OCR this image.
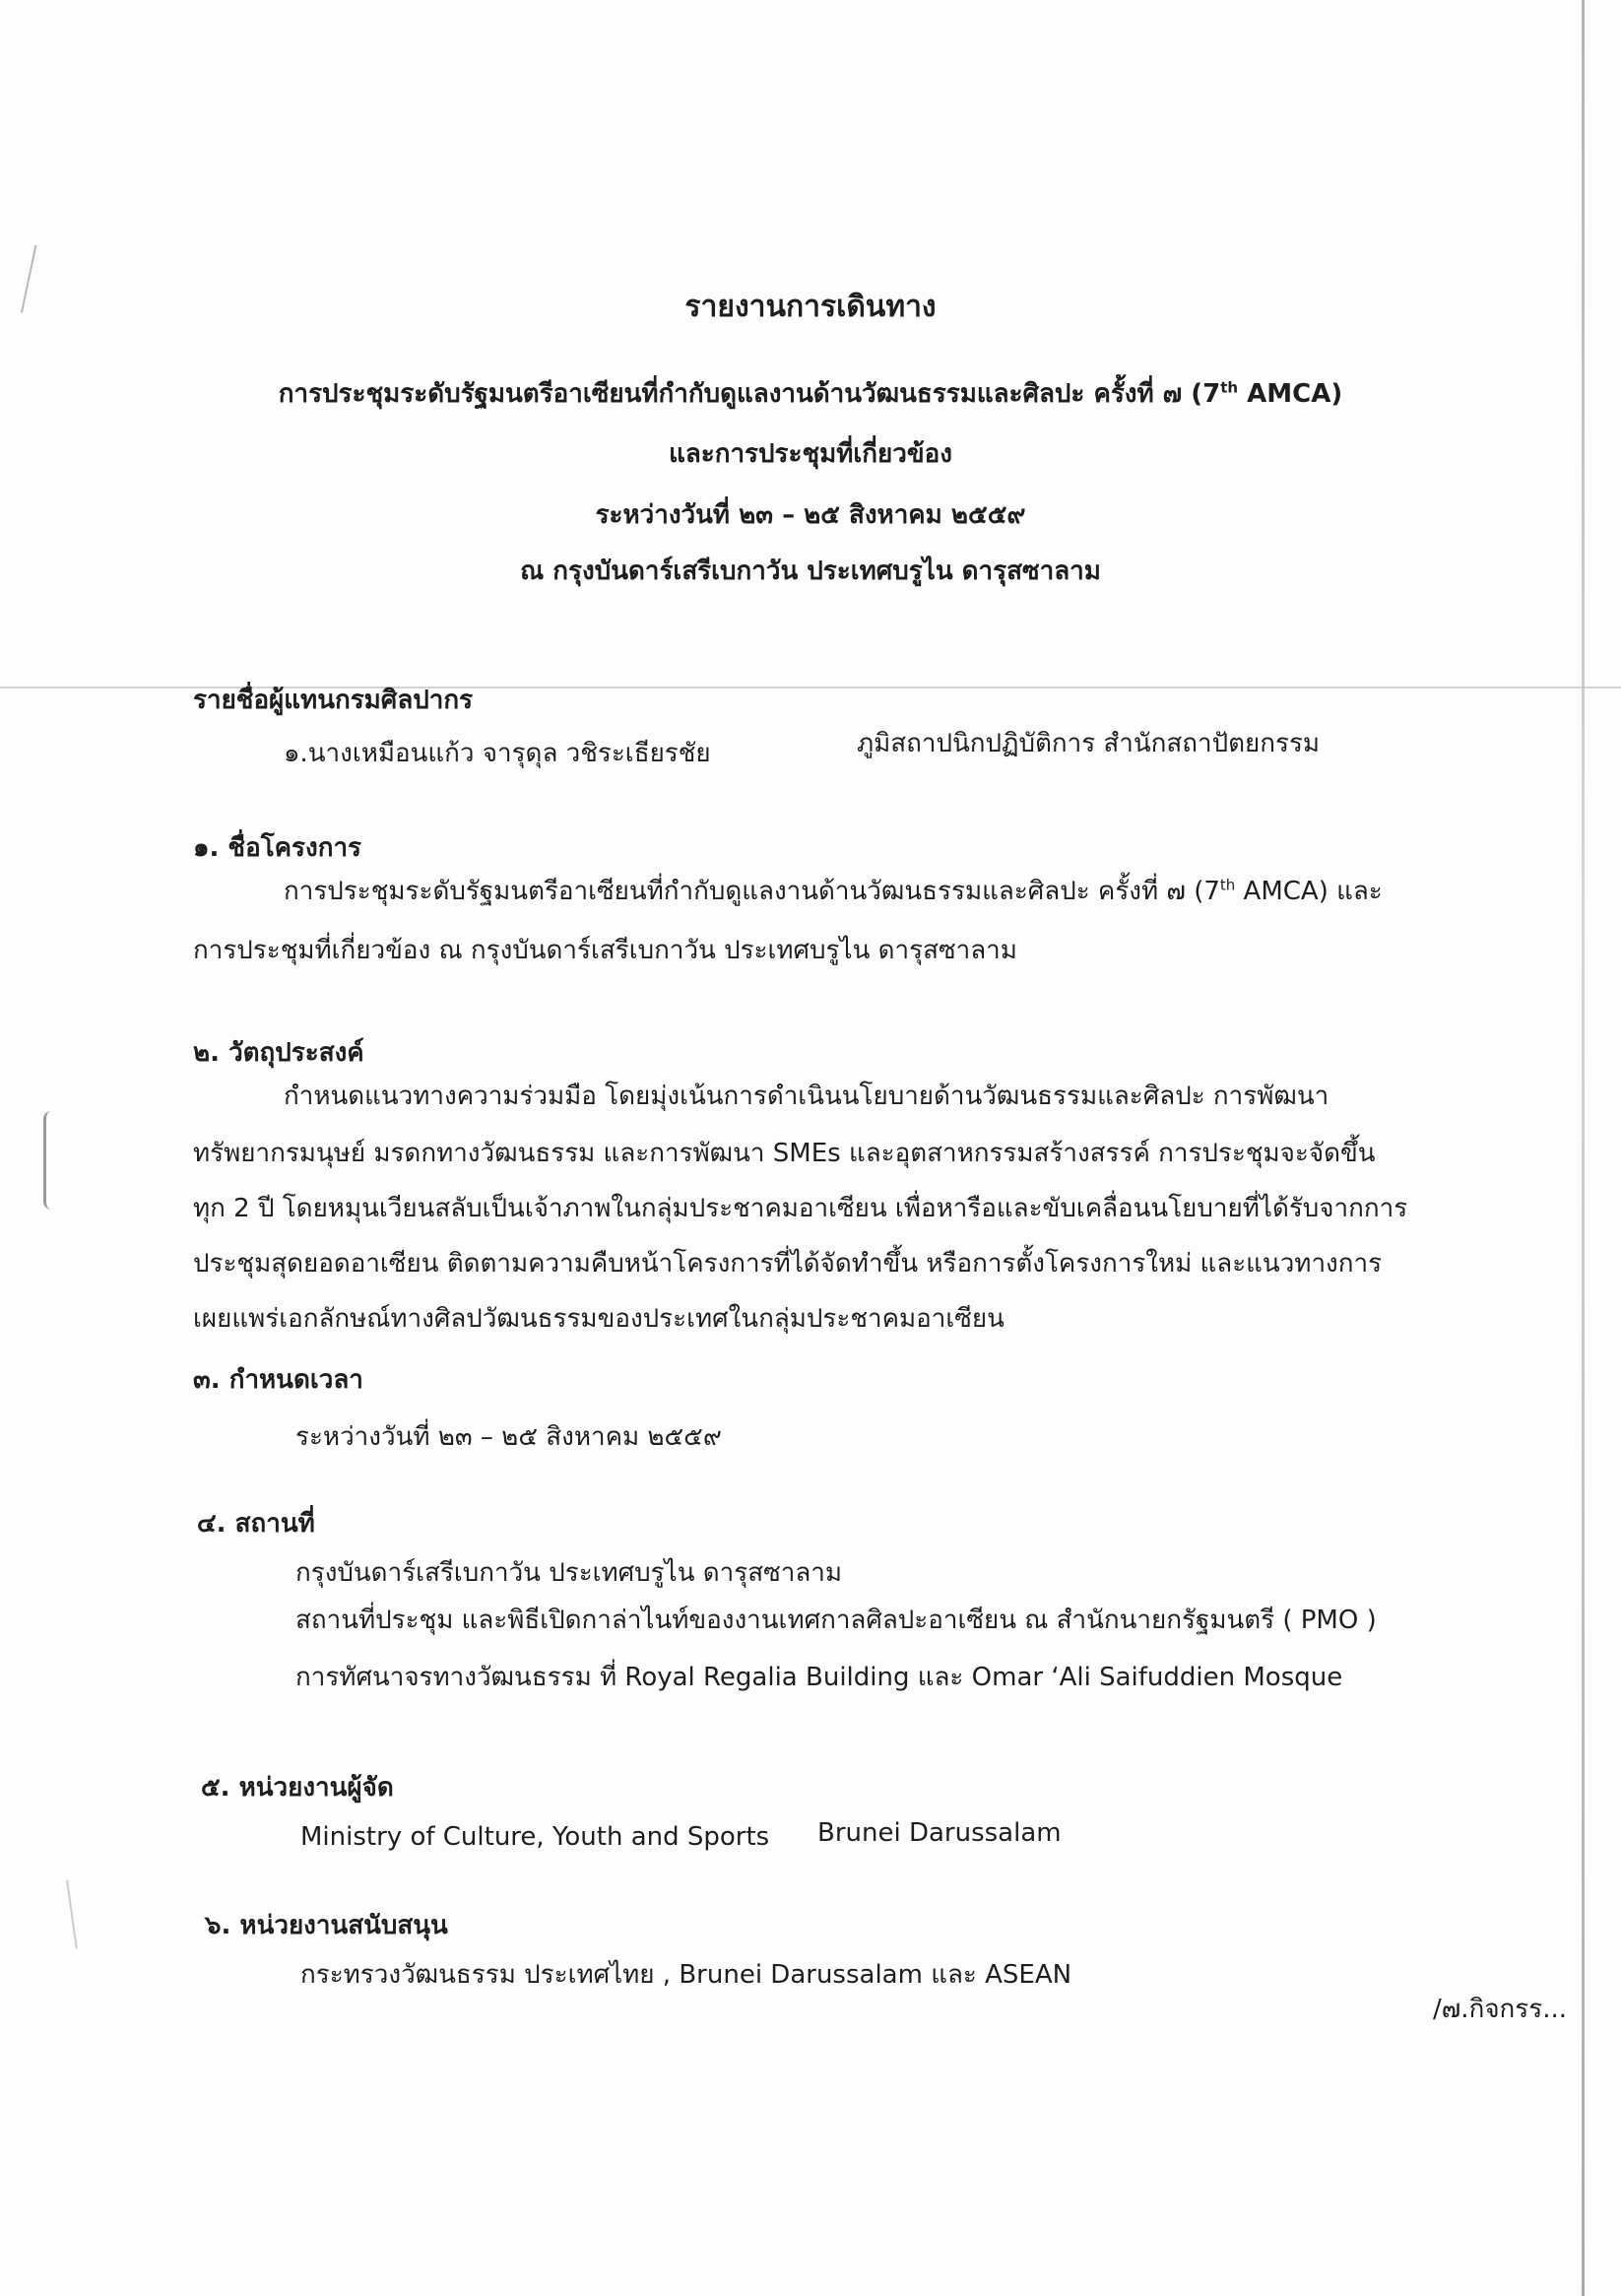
รายงานการเดินทาง
การประชุมระดับรัฐมนตรีอาเซียนที่กำกับดูแลงานด้านวัฒนธรรมและศิลปะ ครั้งที่ ๗ (7th AMCA)
และการประชุมที่เกี่ยวข้อง
ระหว่างวันที่ ๒๓ – ๒๕ สิงหาคม ๒๕๕๙
ณ กรุงบันดาร์เสรีเบกาวัน ประเทศบรูไน ดารุสซาลาม
รายชื่อผู้แทนกรมศิลปากร
๑.นางเหมือนแก้ว จารุดุล วชิระเธียรชัย	ภูมิสถาปนิกปฏิบัติการ สำนักสถาปัตยกรรม
๑. ชื่อโครงการ
การประชุมระดับรัฐมนตรีอาเซียนที่กำกับดูแลงานด้านวัฒนธรรมและศิลปะ ครั้งที่ ๗ (7th AMCA) และ
การประชุมที่เกี่ยวข้อง ณ กรุงบันดาร์เสรีเบกาวัน ประเทศบรูไน ดารุสซาลาม
๒. วัตถุประสงค์
กำหนดแนวทางความร่วมมือ โดยมุ่งเน้นการดำเนินนโยบายด้านวัฒนธรรมและศิลปะ การพัฒนา
ทรัพยากรมนุษย์ มรดกทางวัฒนธรรม และการพัฒนา SMEs และอุตสาหกรรมสร้างสรรค์ การประชุมจะจัดขึ้น
ทุก 2 ปี โดยหมุนเวียนสลับเป็นเจ้าภาพในกลุ่มประชาคมอาเซียน เพื่อหารือและขับเคลื่อนนโยบายที่ได้รับจากการ
ประชุมสุดยอดอาเซียน ติดตามความคืบหน้าโครงการที่ได้จัดทำขึ้น หรือการตั้งโครงการใหม่ และแนวทางการ
เผยแพร่เอกลักษณ์ทางศิลปวัฒนธรรมของประเทศในกลุ่มประชาคมอาเซียน
๓. กำหนดเวลา
ระหว่างวันที่ ๒๓ – ๒๕ สิงหาคม ๒๕๕๙
๔. สถานที่
กรุงบันดาร์เสรีเบกาวัน ประเทศบรูไน ดารุสซาลาม
สถานที่ประชุม และพิธีเปิดกาล่าไนท์ของงานเทศกาลศิลปะอาเซียน ณ สำนักนายกรัฐมนตรี ( PMO )
การทัศนาจรทางวัฒนธรรม ที่ Royal Regalia Building และ Omar ‘Ali Saifuddien Mosque
๕. หน่วยงานผู้จัด
Ministry of Culture, Youth and Sports Brunei Darussalam
๖. หน่วยงานสนับสนุน
กระทรวงวัฒนธรรม ประเทศไทย , Brunei Darussalam และ ASEAN
/๗.กิจกรร...
